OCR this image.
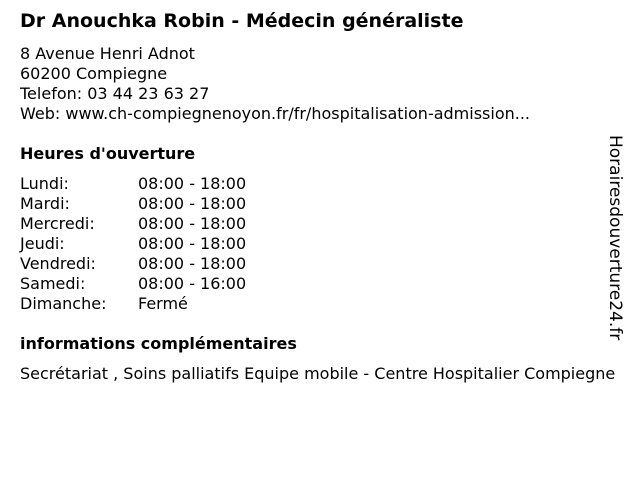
Dr Anouchka Robin - Médecin généraliste
8 Avenue Henri Adnot
60200 Compiegne
Telefon: 03 44 23 63 27
Web: www.ch-compiegnenoyon.fr/fr/hospitalisation-admission...
Heures d'ouverture
Lundi:	08:00 - 18:00
Mardi:	08:00 - 18:00
Mercredi:	08:00 - 18:00
Jeudi:	08:00 - 18:00
Vendredi:	08:00 - 18:00
Samedi:	08:00 - 16:00
Dimanche: Fermé
informations complémentaires
Secrétariat , Soins palliatifs Equipe mobile - Centre Hospitalier Compiegne
Horairesdouverture24.fr
